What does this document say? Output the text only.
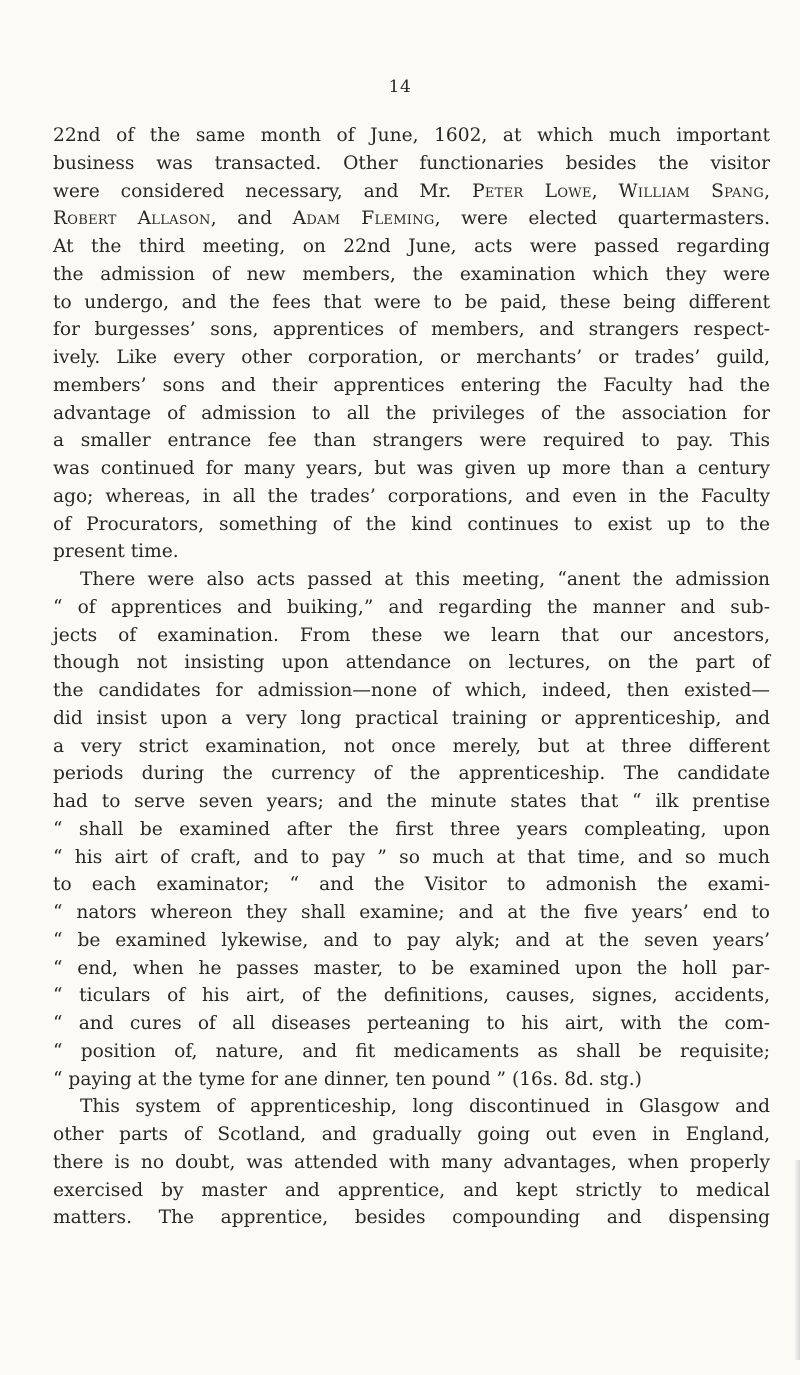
14
22nd of the same month of June, 1602, at which much important
business was transacted. Other functionaries besides the visitor
were considered necessary, and Mr. Peter Lowe, William Spang,
Robert Allason, and Adam Fleming, were elected quartermasters.
At the third meeting, on 22nd June, acts were passed regarding
the admission of new members, the examination which they were
to undergo, and the fees that were to be paid, these being different
for burgesses’ sons, apprentices of members, and strangers respect-
ively. Like every other corporation, or merchants’ or trades’ guild,
members’ sons and their apprentices entering the Faculty had the
advantage of admission to all the privileges of the association for
a smaller entrance fee than strangers were required to pay. This
was continued for many years, but was given up more than a century
ago; whereas, in all the trades’ corporations, and even in the Faculty
of Procurators, something of the kind continues to exist up to the
present time.
There were also acts passed at this meeting, “anent the admission
“ of apprentices and buiking,” and regarding the manner and sub-
jects of examination. From these we learn that our ancestors,
though not insisting upon attendance on lectures, on the part of
the candidates for admission—none of which, indeed, then existed—
did insist upon a very long practical training or apprenticeship, and
a very strict examination, not once merely, but at three different
periods during the currency of the apprenticeship. The candidate
had to serve seven years; and the minute states that “ ilk prentise
“ shall be examined after the first three years compleating, upon
“ his airt of craft, and to pay ” so much at that time, and so much
to each examinator; “ and the Visitor to admonish the exami-
“ nators whereon they shall examine; and at the five years’ end to
“ be examined lykewise, and to pay alyk; and at the seven years’
“ end, when he passes master, to be examined upon the holl par-
“ ticulars of his airt, of the definitions, causes, signes, accidents,
“ and cures of all diseases perteaning to his airt, with the com-
“ position of, nature, and fit medicaments as shall be requisite;
“ paying at the tyme for ane dinner, ten pound ” (16s. 8d. stg.)
This system of apprenticeship, long discontinued in Glasgow and
other parts of Scotland, and gradually going out even in England,
there is no doubt, was attended with many advantages, when properly
exercised by master and apprentice, and kept strictly to medical
matters. The apprentice, besides compounding and dispensing
